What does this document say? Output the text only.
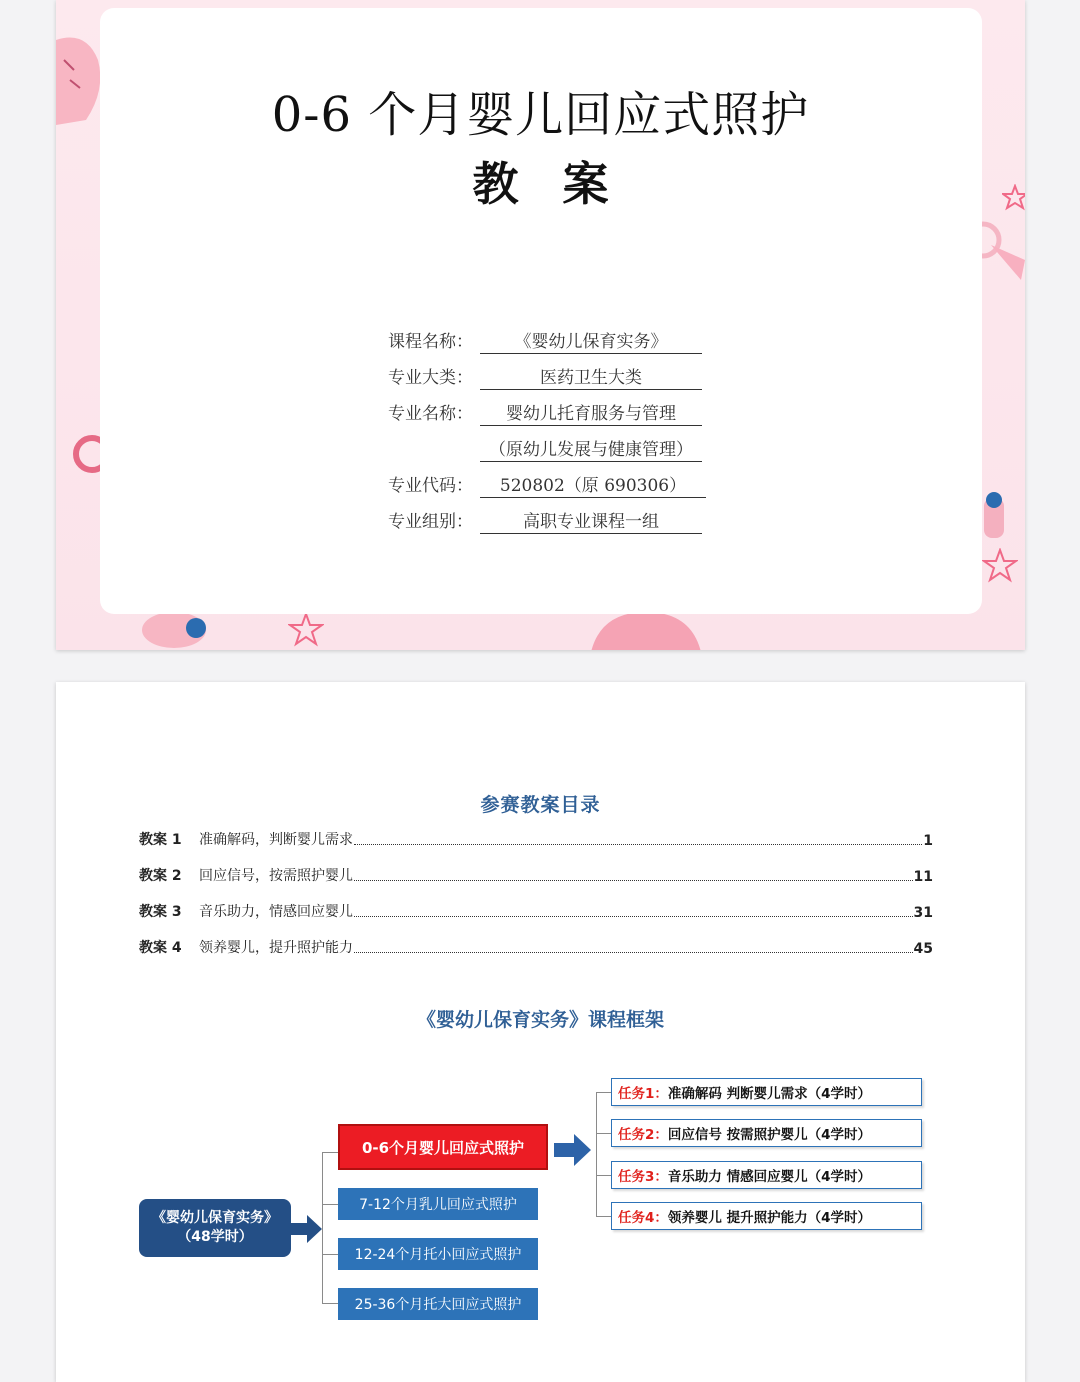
0-6 个月婴儿回应式照护
教案
课程名称：	《婴幼儿保育实务》
专业大类：	医药卫生大类
专业名称：	婴幼儿托育服务与管理
（原幼儿发展与健康管理）
专业代码：	520802（原 690306）
专业组别：	高职专业课程一组
参赛教案目录
教案 1	准确解码，判断婴儿需求	1
教案 2	回应信号，按需照护婴儿	11
教案 3	音乐助力，情感回应婴儿	31
教案 4	领养婴儿，提升照护能力	45
《婴幼儿保育实务》课程框架
《婴幼儿保育实务》
（48学时）
0-6个月婴儿回应式照护
7-12个月乳儿回应式照护
12-24个月托小回应式照护
25-36个月托大回应式照护
任务1： 准确解码 判断婴儿需求（4学时）
任务2： 回应信号 按需照护婴儿（4学时）
任务3： 音乐助力 情感回应婴儿（4学时）
任务4： 领养婴儿 提升照护能力（4学时）
